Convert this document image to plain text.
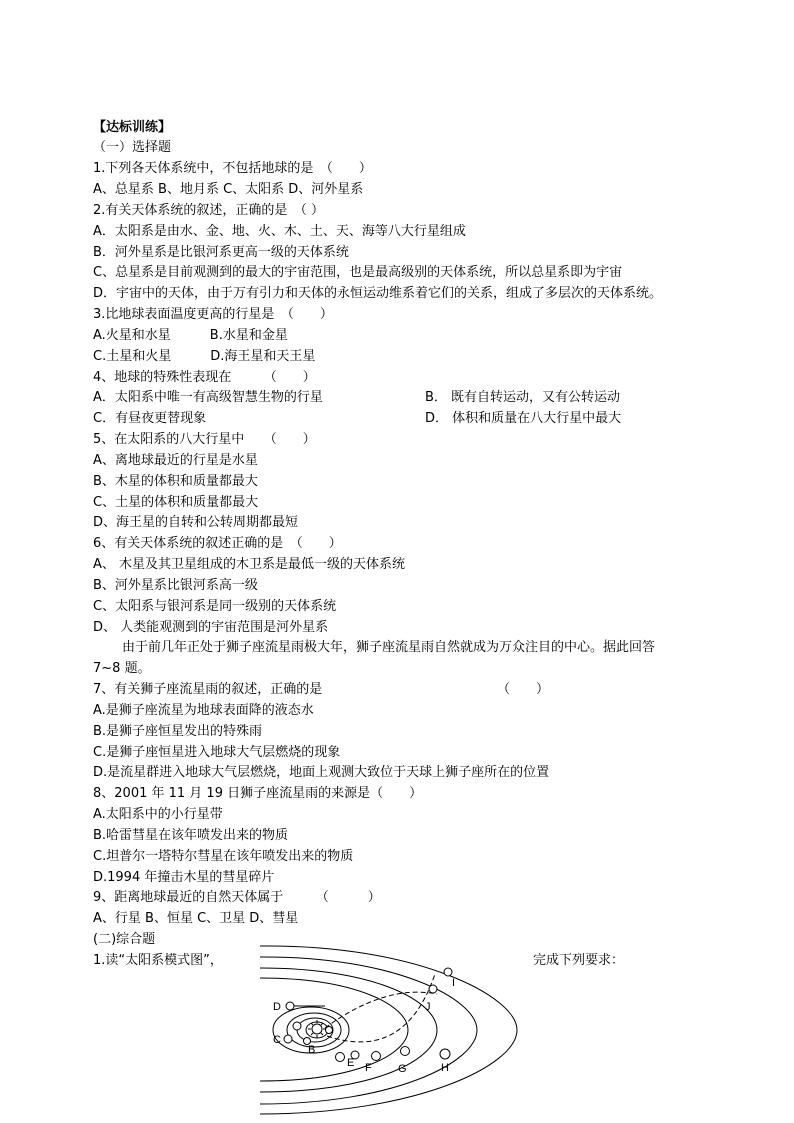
【达标训练】
（一）选择题
1.下列各天体系统中，不包括地球的是　（　　）
A、总星系 B、地月系 C、太阳系 D、河外星系
2.有关天体系统的叙述，正确的是　（ ）
A．太阳系是由水、金、地、火、木、土、天、海等八大行星组成
B．河外星系是比银河系更高一级的天体系统
C、总星系是目前观测到的最大的宇宙范围，也是最高级别的天体系统，所以总星系即为宇宙
D．宇宙中的天体，由于万有引力和天体的永恒运动维系着它们的关系，组成了多层次的天体系统。
3.比地球表面温度更高的行星是　（　　）
A.火星和水星　　　B.水星和金星
C.土星和火星　　　D.海王星和天王星
4、地球的特殊性表现在　　　（　　）
A．太阳系中唯一有高级智慧生物的行星	B． 既有自转运动，又有公转运动
C．有昼夜更替现象	D． 体积和质量在八大行星中最大
5、在太阳系的八大行星中　　（　　）
A、离地球最近的行星是水星
B、木星的体积和质量都最大
C、土星的体积和质量都最大
D、海王星的自转和公转周期都最短
6、有关天体系统的叙述正确的是　（　　）
A、 木星及其卫星组成的木卫系是最低一级的天体系统
B、河外星系比银河系高一级
C、太阳系与银河系是同一级别的天体系统
D、 人类能观测到的宇宙范围是河外星系
由于前几年正处于狮子座流星雨极大年，狮子座流星雨自然就成为万众注目的中心。据此回答
7~8 题。
7、有关狮子座流星雨的叙述，正确的是	（　　）
A.是狮子座流星为地球表面降的液态水
B.是狮子座恒星发出的特殊雨
C.是狮子座恒星进入地球大气层燃烧的现象
D.是流星群进入地球大气层燃烧，地面上观测大致位于天球上狮子座所在的位置
8、2001 年 11 月 19 日狮子座流星雨的来源是（　　）
A.太阳系中的小行星带
B.哈雷彗星在该年喷发出来的物质
C.坦普尔一塔特尔彗星在该年喷发出来的物质
D.1994 年撞击木星的彗星碎片
9、距离地球最近的自然天体属于　　　（　　　）
A、行星 B、恒星 C、卫星 D、彗星
(二)综合题
1.读“太阳系模式图”，	完成下列要求：
D
C
B
E F G	H
J
I
